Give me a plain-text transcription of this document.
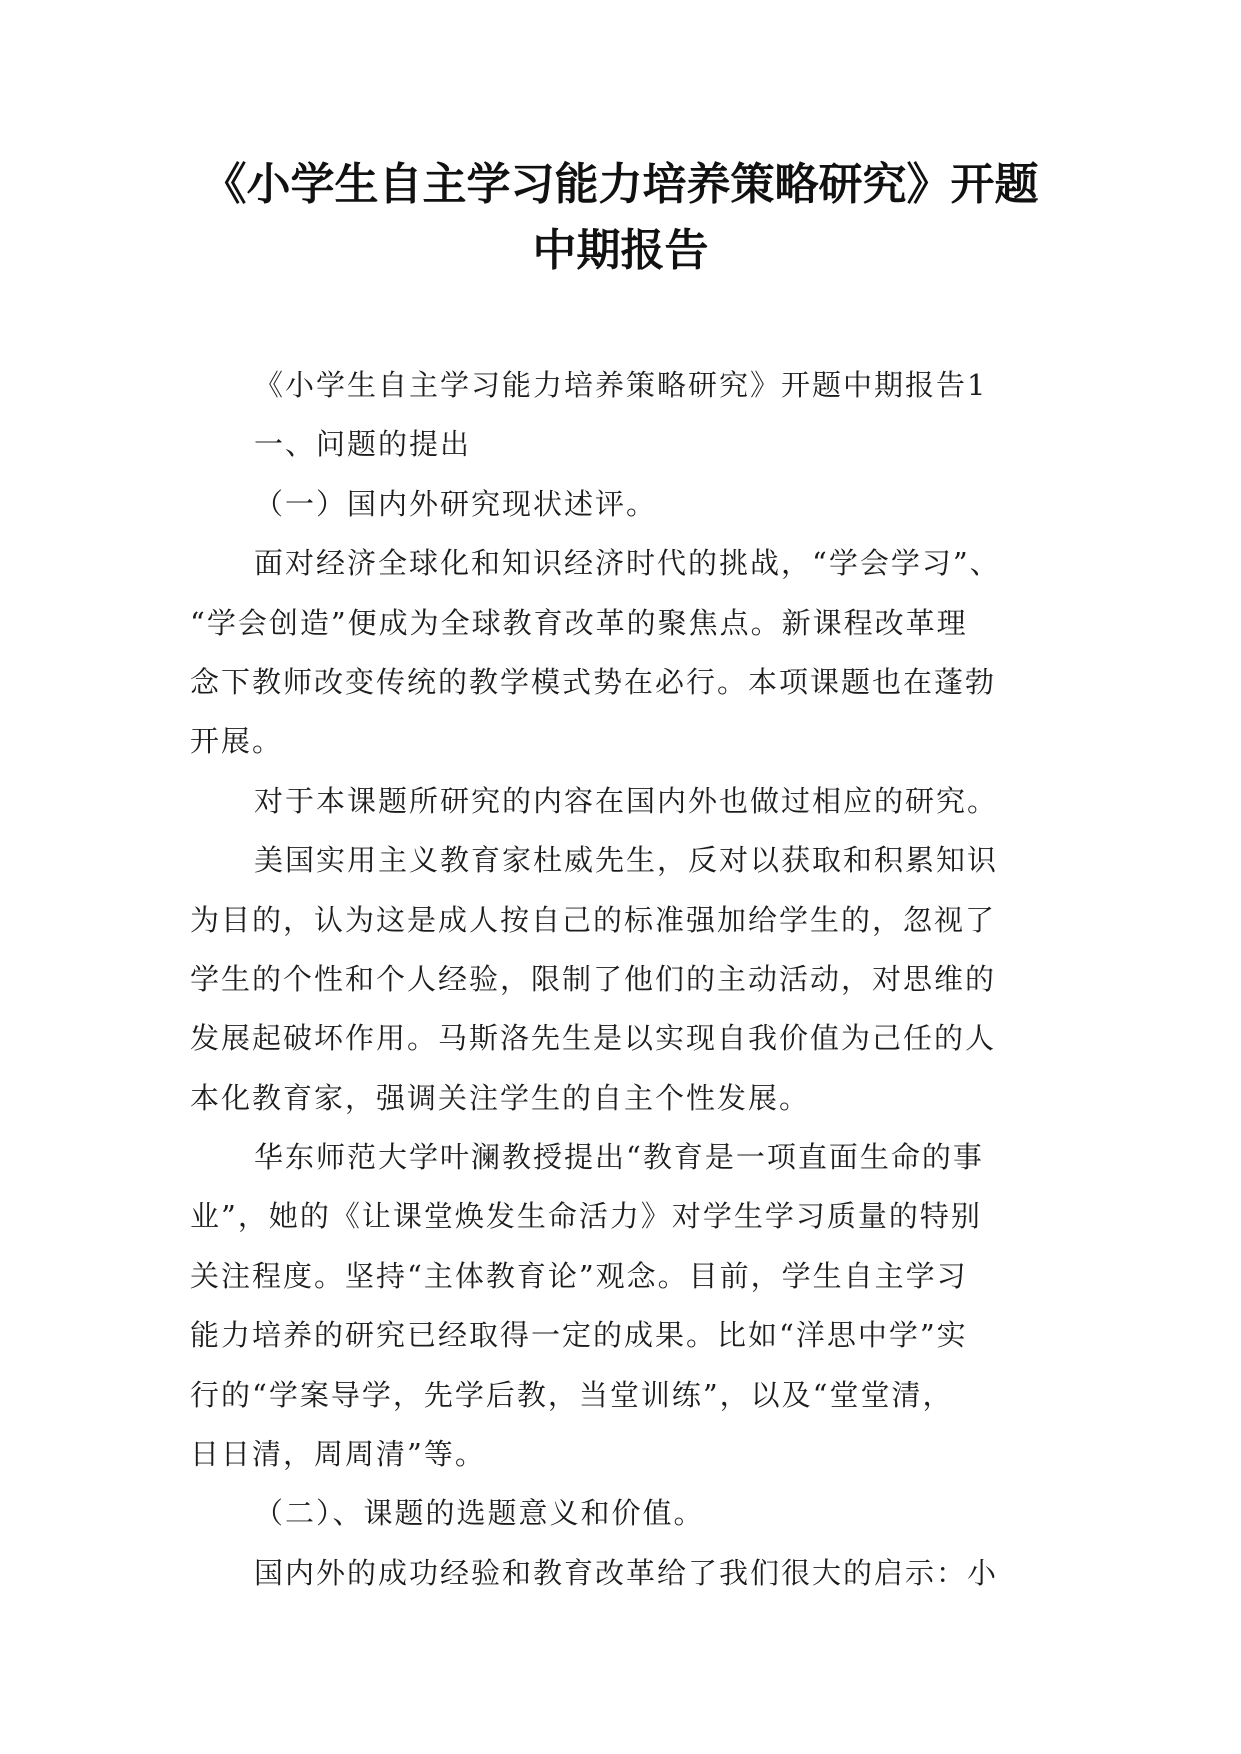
《小学生自主学习能力培养策略研究》开题
中期报告
《小学生自主学习能力培养策略研究》开题中期报告1
一、问题的提出
（一）国内外研究现状述评。
面对经济全球化和知识经济时代的挑战，“学会学习”、
“学会创造”便成为全球教育改革的聚焦点。新课程改革理
念下教师改变传统的教学模式势在必行。本项课题也在蓬勃
开展。
对于本课题所研究的内容在国内外也做过相应的研究。
美国实用主义教育家杜威先生，反对以获取和积累知识
为目的，认为这是成人按自己的标准强加给学生的，忽视了
学生的个性和个人经验，限制了他们的主动活动，对思维的
发展起破坏作用。马斯洛先生是以实现自我价值为己任的人
本化教育家，强调关注学生的自主个性发展。
华东师范大学叶澜教授提出“教育是一项直面生命的事
业”，她的《让课堂焕发生命活力》对学生学习质量的特别
关注程度。坚持“主体教育论”观念。目前，学生自主学习
能力培养的研究已经取得一定的成果。比如“洋思中学”实
行的“学案导学，先学后教，当堂训练”，以及“堂堂清，
日日清，周周清”等。
（二）、课题的选题意义和价值。
国内外的成功经验和教育改革给了我们很大的启示：小
